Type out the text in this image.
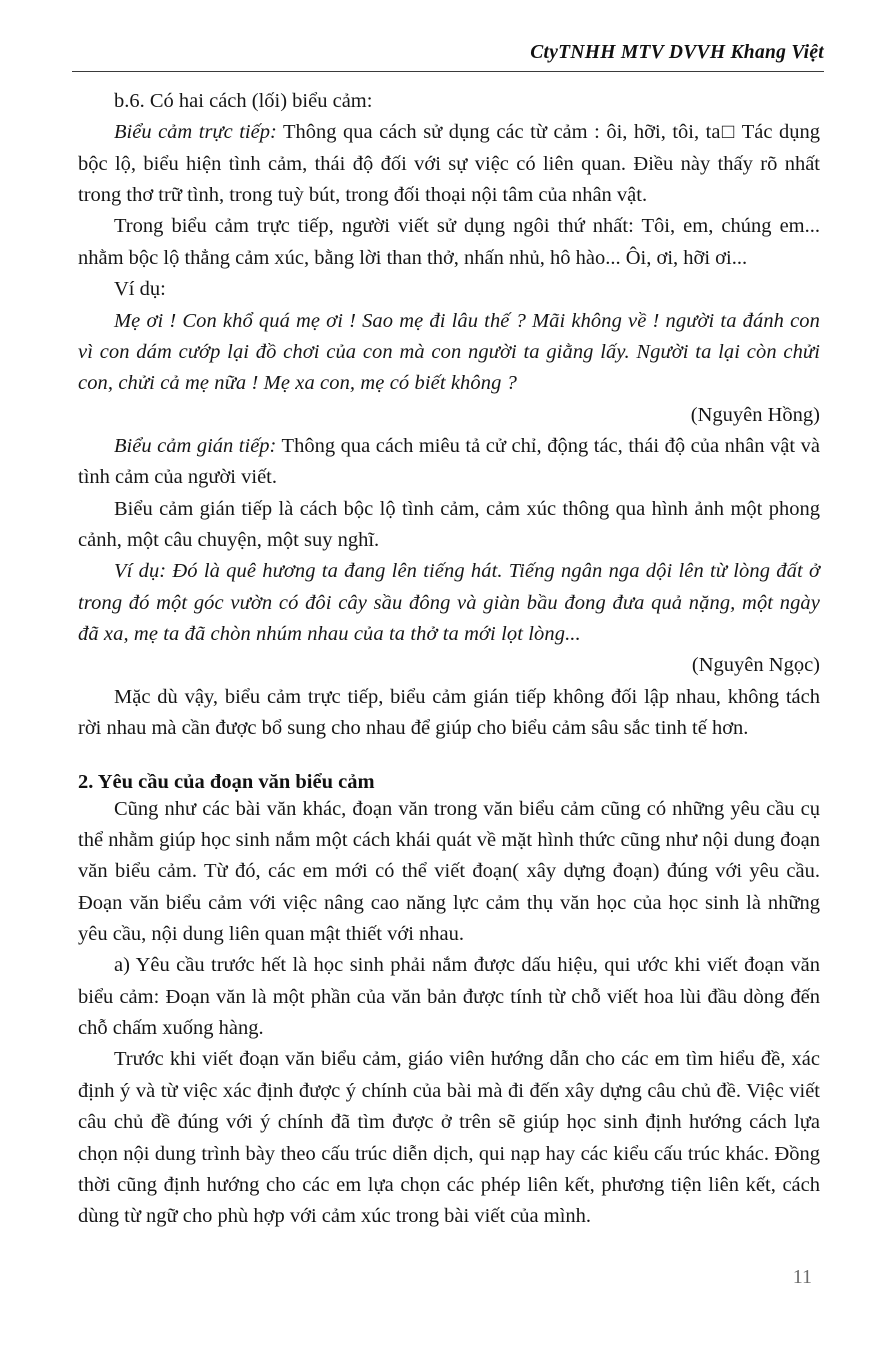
CtyTNHH MTV DVVH Khang Việt

b.6. Có hai cách (lối) biểu cảm:

Biểu cảm trực tiếp: Thông qua cách sử dụng các từ cảm : ôi, hỡi, tôi, ta□ Tác dụng bộc lộ, biểu hiện tình cảm, thái độ đối với sự việc có liên quan. Điều này thấy rõ nhất trong thơ trữ tình, trong tuỳ bút, trong đối thoại nội tâm của nhân vật.

Trong biểu cảm trực tiếp, người viết sử dụng ngôi thứ nhất: Tôi, em, chúng em... nhằm bộc lộ thẳng cảm xúc, bằng lời than thở, nhấn nhủ, hô hào... Ôi, ơi, hỡi ơi...

Ví dụ:

Mẹ ơi ! Con khổ quá mẹ ơi ! Sao mẹ đi lâu thế ? Mãi không về ! người ta đánh con vì con dám cướp lại đồ chơi của con mà con người ta giằng lấy. Người ta lại còn chửi con, chửi cả mẹ nữa ! Mẹ xa con, mẹ có biết không ?

(Nguyên Hồng)

Biểu cảm gián tiếp: Thông qua cách miêu tả cử chỉ, động tác, thái độ của nhân vật và tình cảm của người viết.

Biểu cảm gián tiếp là cách bộc lộ tình cảm, cảm xúc thông qua hình ảnh một phong cảnh, một câu chuyện, một suy nghĩ.

Ví dụ: Đó là quê hương ta đang lên tiếng hát. Tiếng ngân nga dội lên từ lòng đất ở trong đó một góc vườn có đôi cây sầu đông và giàn bầu đong đưa quả nặng, một ngày đã xa, mẹ ta đã chòn nhúm nhau của ta thở ta mới lọt lòng...

(Nguyên Ngọc)

Mặc dù vậy, biểu cảm trực tiếp, biểu cảm gián tiếp không đối lập nhau, không tách rời nhau mà cần được bổ sung cho nhau để giúp cho biểu cảm sâu sắc tinh tế hơn.

2. Yêu cầu của đoạn văn biểu cảm

Cũng như các bài văn khác, đoạn văn trong văn biểu cảm cũng có những yêu cầu cụ thể nhằm giúp học sinh nắm một cách khái quát về mặt hình thức cũng như nội dung đoạn văn biểu cảm. Từ đó, các em mới có thể viết đoạn( xây dựng đoạn) đúng với yêu cầu. Đoạn văn biểu cảm với việc nâng cao năng lực cảm thụ văn học của học sinh là những yêu cầu, nội dung liên quan mật thiết với nhau.

a) Yêu cầu trước hết là học sinh phải nắm được dấu hiệu, qui ước khi viết đoạn văn biểu cảm: Đoạn văn là một phần của văn bản được tính từ chỗ viết hoa lùi đầu dòng đến chỗ chấm xuống hàng.

Trước khi viết đoạn văn biểu cảm, giáo viên hướng dẫn cho các em tìm hiểu đề, xác định ý và từ việc xác định được ý chính của bài mà đi đến xây dựng câu chủ đề. Việc viết câu chủ đề đúng với ý chính đã tìm được ở trên sẽ giúp học sinh định hướng cách lựa chọn nội dung trình bày theo cấu trúc diễn dịch, qui nạp hay các kiểu cấu trúc khác. Đồng thời cũng định hướng cho các em lựa chọn các phép liên kết, phương tiện liên kết, cách dùng từ ngữ cho phù hợp với cảm xúc trong bài viết của mình.

11
